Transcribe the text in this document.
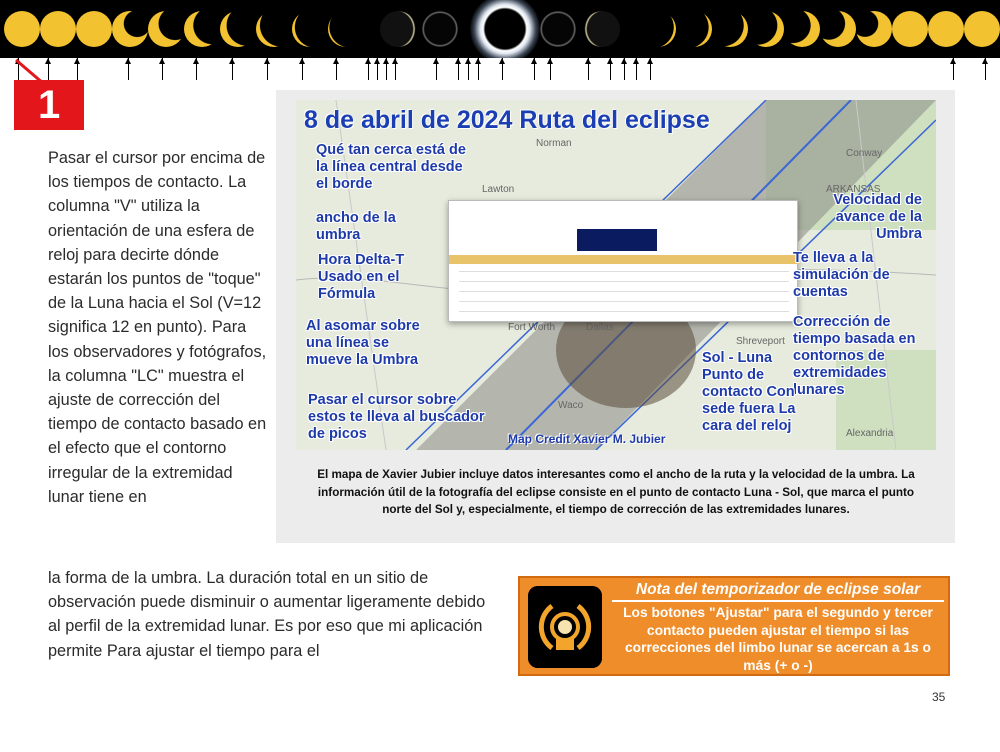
1
Pasar el cursor por encima de los tiempos de contacto. La columna "V" utiliza la orientación de una esfera de reloj para decirte dónde estarán los puntos de "toque" de la Luna hacia el Sol (V=12 significa 12 en punto). Para los observadores y fotógrafos, la columna "LC" muestra el ajuste de corrección del tiempo de contacto basado en el efecto que el contorno irregular de la extremidad lunar tiene en
la forma de la umbra. La duración total en un sitio de observación puede disminuir o aumentar ligeramente debido al perfil de la extremidad lunar. Es por eso que mi aplicación permite Para ajustar el tiempo para el
8 de abril de 2024 Ruta del eclipse
Norman
Lawton
Fort Worth	Dallas
Waco
ARKANSAS
Conway
Shreveport
Alexandria
Qué tan cerca está de la línea central desde el borde
ancho de la umbra
Hora Delta-T Usado en el Fórmula
Al asomar sobre una línea se mueve la Umbra
Pasar el cursor sobre estos te lleva al buscador de picos
Velocidad de avance de la Umbra
Te lleva a la simulación de cuentas
Corrección de tiempo basada en contornos de extremidades lunares
Sol - Luna Punto de contacto Con sede fuera La cara del reloj
Map Credit Xavier M. Jubier
El mapa de Xavier Jubier incluye datos interesantes como el ancho de la ruta y la velocidad de la umbra. La información útil de la fotografía del eclipse consiste en el punto de contacto Luna - Sol, que marca el punto norte del Sol y, especialmente, el tiempo de corrección de las extremidades lunares.
Nota del temporizador de eclipse solar
Los botones "Ajustar" para el segundo y tercer contacto pueden ajustar el tiempo si las correcciones del limbo lunar se acercan a 1s o más (+ o -)
35
